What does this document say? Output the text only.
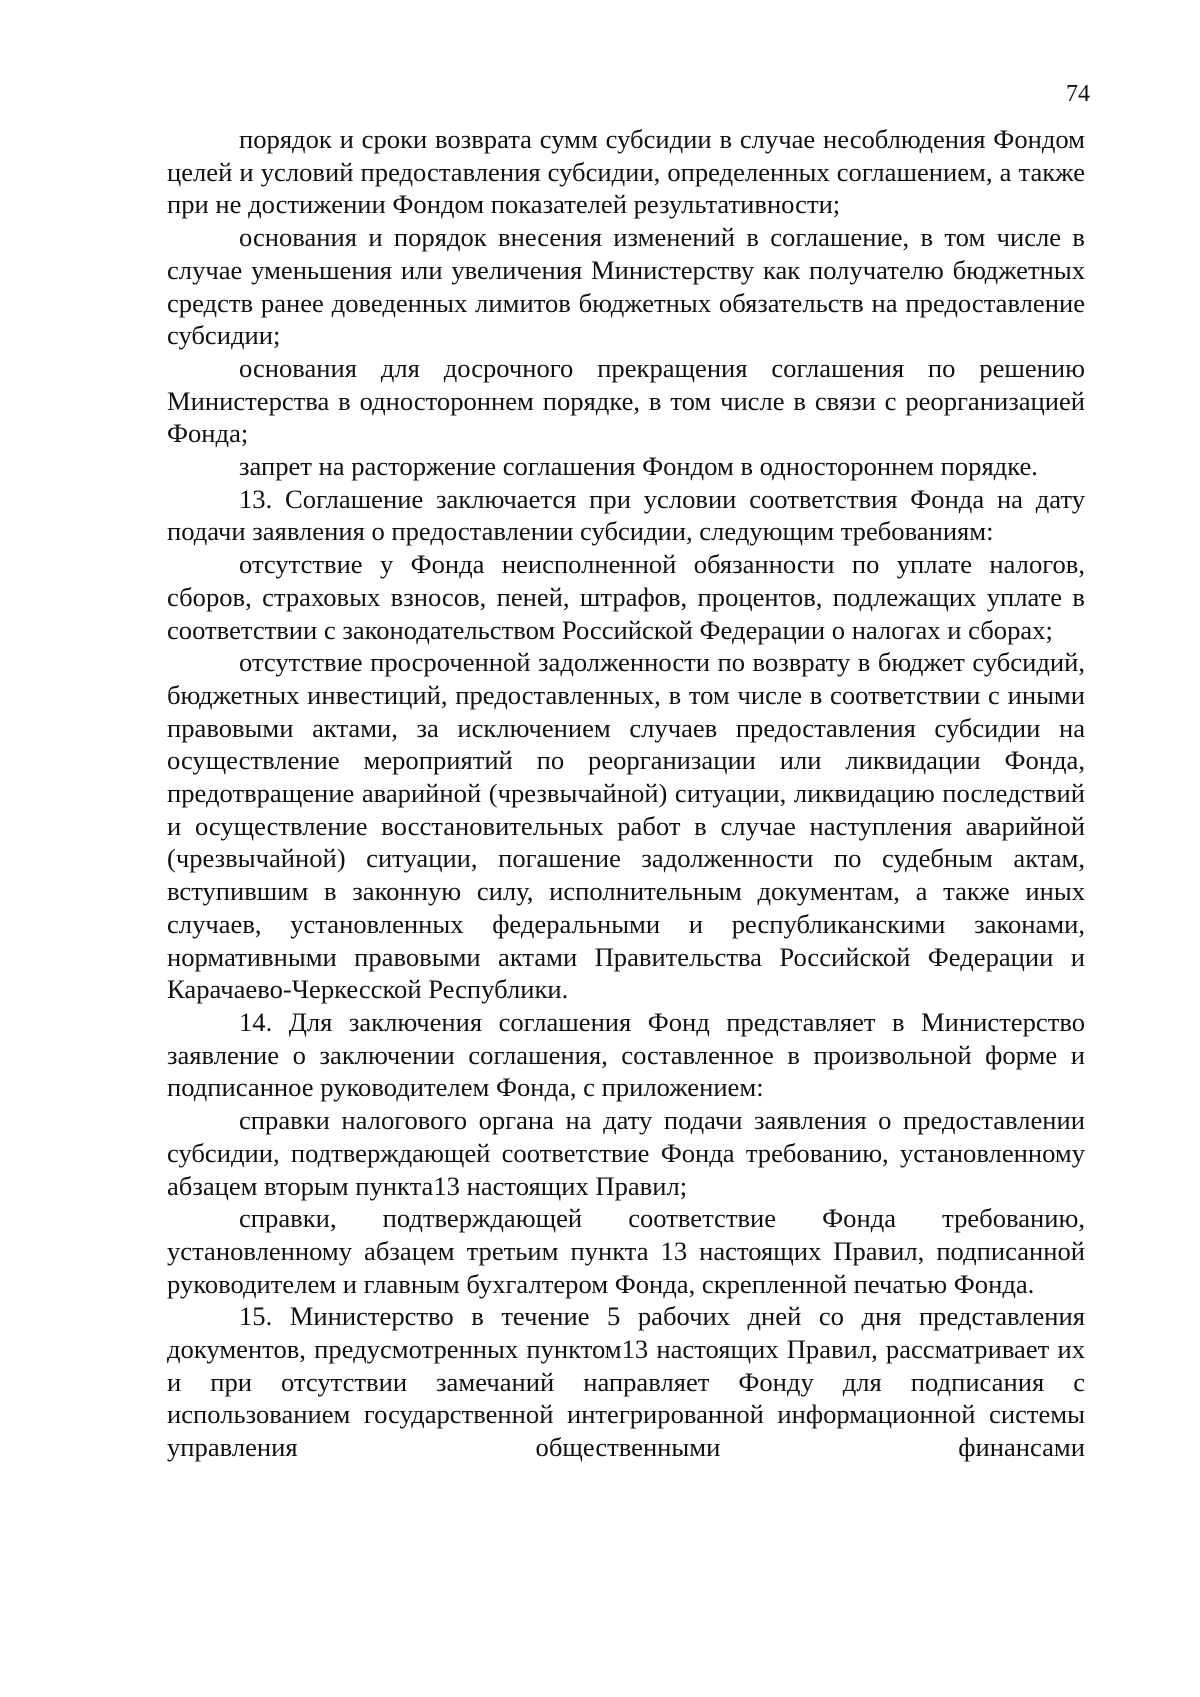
74

порядок и сроки возврата сумм субсидии в случае несоблюдения Фондом целей и условий предоставления субсидии, определенных соглашением, а также при не достижении Фондом показателей результативности;

основания и порядок внесения изменений в соглашение, в том числе в случае уменьшения или увеличения Министерству как получателю бюджетных средств ранее доведенных лимитов бюджетных обязательств на предоставление субсидии;

основания для досрочного прекращения соглашения по решению Министерства в одностороннем порядке, в том числе в связи с реорганизацией Фонда;

запрет на расторжение соглашения Фондом в одностороннем порядке.

13. Соглашение заключается при условии соответствия Фонда на дату подачи заявления о предоставлении субсидии, следующим требованиям:

отсутствие у Фонда неисполненной обязанности по уплате налогов, сборов, страховых взносов, пеней, штрафов, процентов, подлежащих уплате в соответствии с законодательством Российской Федерации о налогах и сборах;

отсутствие просроченной задолженности по возврату в бюджет субсидий, бюджетных инвестиций, предоставленных, в том числе в соответствии с иными правовыми актами, за исключением случаев предоставления субсидии на осуществление мероприятий по реорганизации или ликвидации Фонда, предотвращение аварийной (чрезвычайной) ситуации, ликвидацию последствий и осуществление восстановительных работ в случае наступления аварийной (чрезвычайной) ситуации, погашение задолженности по судебным актам, вступившим в законную силу, исполнительным документам, а также иных случаев, установленных федеральными и республиканскими законами, нормативными правовыми актами Правительства Российской Федерации и Карачаево-Черкесской Республики.

14. Для заключения соглашения Фонд представляет в Министерство заявление о заключении соглашения, составленное в произвольной форме и подписанное руководителем Фонда, с приложением:

справки налогового органа на дату подачи заявления о предоставлении субсидии, подтверждающей соответствие Фонда требованию, установленному абзацем вторым пункта13 настоящих Правил;

справки, подтверждающей соответствие Фонда требованию, установленному абзацем третьим пункта 13 настоящих Правил, подписанной руководителем и главным бухгалтером Фонда, скрепленной печатью Фонда.

15. Министерство в течение 5 рабочих дней со дня представления документов, предусмотренных пунктом13 настоящих Правил, рассматривает их и при отсутствии замечаний направляет Фонду для подписания с использованием государственной интегрированной информационной системы управления общественными финансами
